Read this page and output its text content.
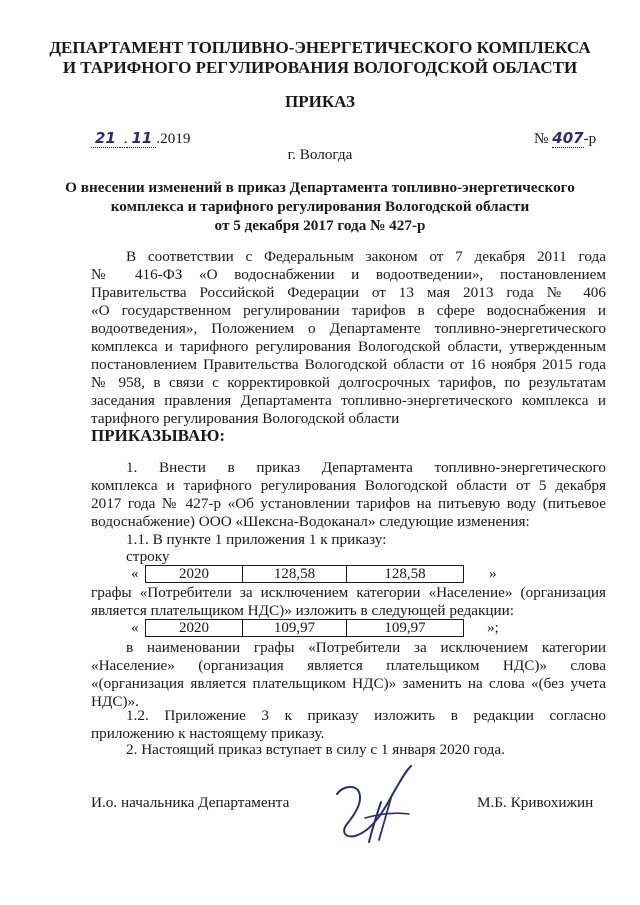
ДЕПАРТАМЕНТ ТОПЛИВНО-ЭНЕРГЕТИЧЕСКОГО КОМПЛЕКСА
И ТАРИФНОГО РЕГУЛИРОВАНИЯ ВОЛОГОДСКОЙ ОБЛАСТИ
ПРИКАЗ
21 . 11 .2019	№ 407-р
г. Вологда
О внесении изменений в приказ Департамента топливно-энергетического
комплекса и тарифного регулирования Вологодской области
от 5 декабря 2017 года № 427-р
В соответствии с Федеральным законом от 7 декабря 2011 года
№ 416-ФЗ «О водоснабжении и водоотведении», постановлением
Правительства Российской Федерации от 13 мая 2013 года № 406
«О государственном регулировании тарифов в сфере водоснабжения и
водоотведения», Положением о Департаменте топливно-энергетического
комплекса и тарифного регулирования Вологодской области, утвержденным
постановлением Правительства Вологодской области от 16 ноября 2015 года
№ 958, в связи с корректировкой долгосрочных тарифов, по результатам
заседания правления Департамента топливно-энергетического комплекса и
тарифного регулирования Вологодской области
ПРИКАЗЫВАЮ:
1. Внести в приказ Департамента топливно-энергетического
комплекса и тарифного регулирования Вологодской области от 5 декабря
2017 года № 427-р «Об установлении тарифов на питьевую воду (питьевое
водоснабжение) ООО «Шексна-Водоканал» следующие изменения:
1.1. В пункте 1 приложения 1 к приказу:
строку
«	2020	128,58	128,58	»
графы «Потребители за исключением категории «Население» (организация
является плательщиком НДС)» изложить в следующей редакции:
«	2020	109,97	109,97	»;
в наименовании графы «Потребители за исключением категории
«Население» (организация является плательщиком НДС)» слова
«(организация является плательщиком НДС)» заменить на слова «(без учета
НДС)».
1.2. Приложение 3 к приказу изложить в редакции согласно
приложению к настоящему приказу.
2. Настоящий приказ вступает в силу с 1 января 2020 года.
И.о. начальника Департамента	М.Б. Кривохижин
